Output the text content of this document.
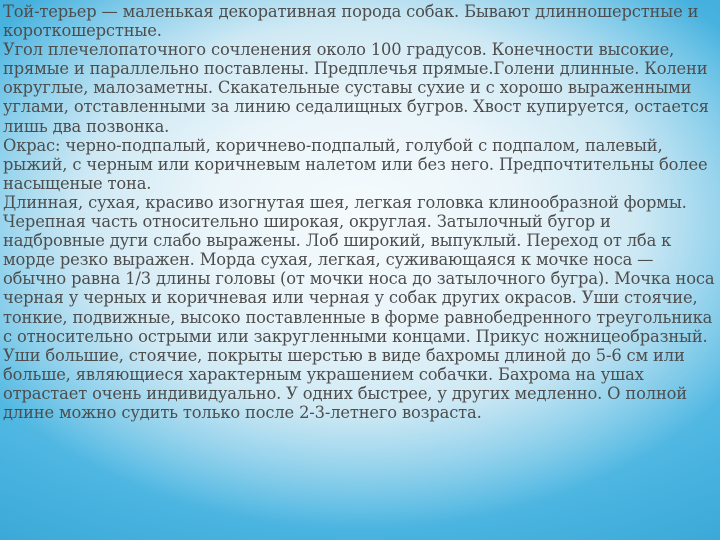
Той-терьер — маленькая декоративная порода собак. Бывают длинношерстные и короткошерстные.

Угол плечелопаточного сочленения около 100 градусов. Конечности высокие, прямые и параллельно поставлены. Предплечья прямые.Голени длинные. Колени округлые, малозаметны. Скакательные суставы сухие и с хорошо выраженными углами, отставленными за линию седалищных бугров. Хвост купируется, остается лишь два позвонка.

Окрас: черно-подпалый, коричнево-подпалый, голубой с подпалом, палевый, рыжий, с черным или коричневым налетом или без него. Предпочтительны более насыщеные тона.

Длинная, сухая, красиво изогнутая шея, легкая головка клинообразной формы. Черепная часть относительно широкая, округлая. Затылочный бугор и надбровные дуги слабо выражены. Лоб широкий, выпуклый. Переход от лба к морде резко выражен. Морда сухая, легкая, суживающаяся к мочке носа — обычно равна 1/3 длины головы (от мочки носа до затылочного бугра). Мочка носа черная у черных и коричневая или черная у собак других окрасов. Уши стоячие, тонкие, подвижные, высоко поставленные в форме равнобедренного треугольника с относительно острыми или закругленными концами. Прикус ножницеобразный. Уши большие, стоячие, покрыты шерстью в виде бахромы длиной до 5-6 см или больше, являющиеся характерным украшением собачки. Бахрома на ушах отрастает очень индивидуально. У одних быстрее, у других медленно. О полной длине можно судить только после 2-3-летнего возраста.
